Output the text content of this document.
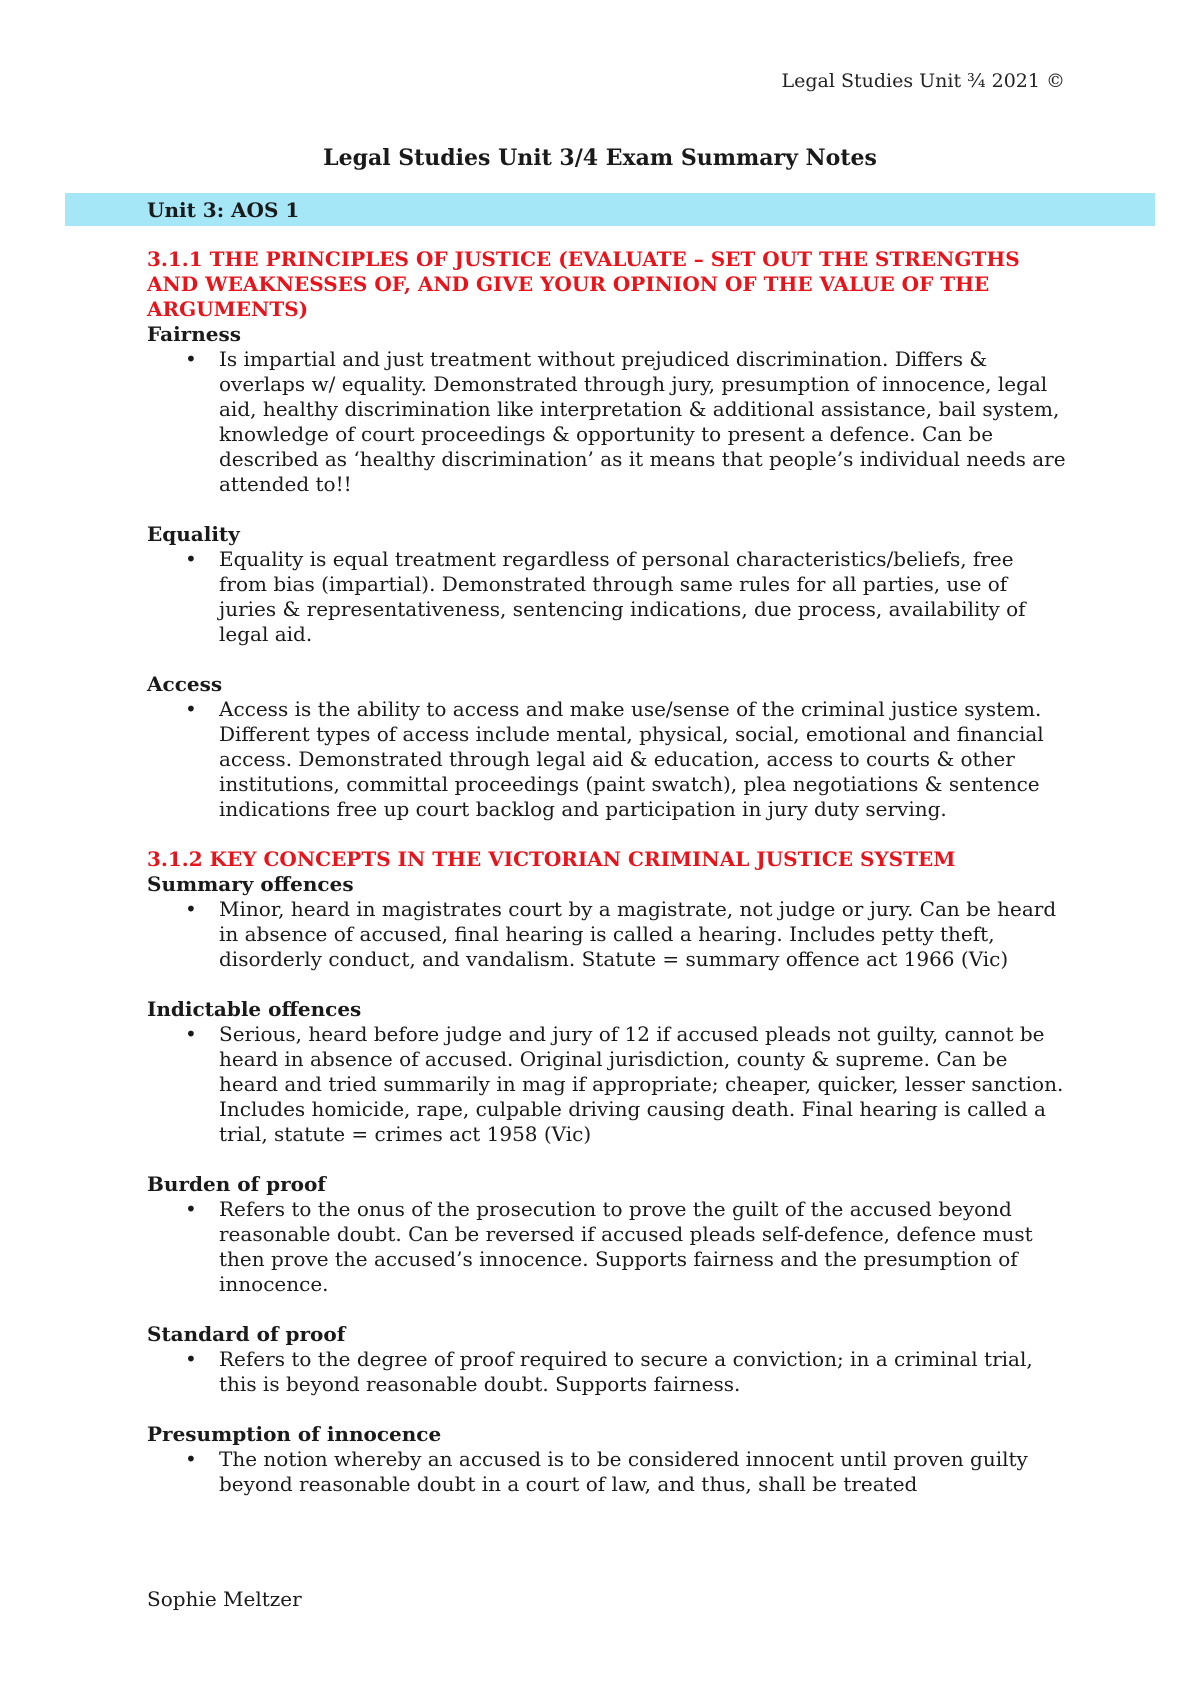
Legal Studies Unit ¾ 2021 ©
Legal Studies Unit 3/4 Exam Summary Notes
Unit 3: AOS 1
3.1.1 THE PRINCIPLES OF JUSTICE (EVALUATE – SET OUT THE STRENGTHS AND WEAKNESSES OF, AND GIVE YOUR OPINION OF THE VALUE OF THE ARGUMENTS)
Fairness
• Is impartial and just treatment without prejudiced discrimination. Differs & overlaps w/ equality. Demonstrated through jury, presumption of innocence, legal aid, healthy discrimination like interpretation & additional assistance, bail system, knowledge of court proceedings & opportunity to present a defence. Can be described as ‘healthy discrimination’ as it means that people’s individual needs are attended to!!
Equality
• Equality is equal treatment regardless of personal characteristics/beliefs, free from bias (impartial). Demonstrated through same rules for all parties, use of juries & representativeness, sentencing indications, due process, availability of legal aid.
Access
• Access is the ability to access and make use/sense of the criminal justice system. Different types of access include mental, physical, social, emotional and financial access. Demonstrated through legal aid & education, access to courts & other institutions, committal proceedings (paint swatch), plea negotiations & sentence indications free up court backlog and participation in jury duty serving.
3.1.2 KEY CONCEPTS IN THE VICTORIAN CRIMINAL JUSTICE SYSTEM
Summary offences
• Minor, heard in magistrates court by a magistrate, not judge or jury. Can be heard in absence of accused, final hearing is called a hearing. Includes petty theft, disorderly conduct, and vandalism. Statute = summary offence act 1966 (Vic)
Indictable offences
• Serious, heard before judge and jury of 12 if accused pleads not guilty, cannot be heard in absence of accused. Original jurisdiction, county & supreme. Can be heard and tried summarily in mag if appropriate; cheaper, quicker, lesser sanction. Includes homicide, rape, culpable driving causing death. Final hearing is called a trial, statute = crimes act 1958 (Vic)
Burden of proof
• Refers to the onus of the prosecution to prove the guilt of the accused beyond reasonable doubt. Can be reversed if accused pleads self-defence, defence must then prove the accused’s innocence. Supports fairness and the presumption of innocence.
Standard of proof
• Refers to the degree of proof required to secure a conviction; in a criminal trial, this is beyond reasonable doubt. Supports fairness.
Presumption of innocence
• The notion whereby an accused is to be considered innocent until proven guilty beyond reasonable doubt in a court of law, and thus, shall be treated
Sophie Meltzer
